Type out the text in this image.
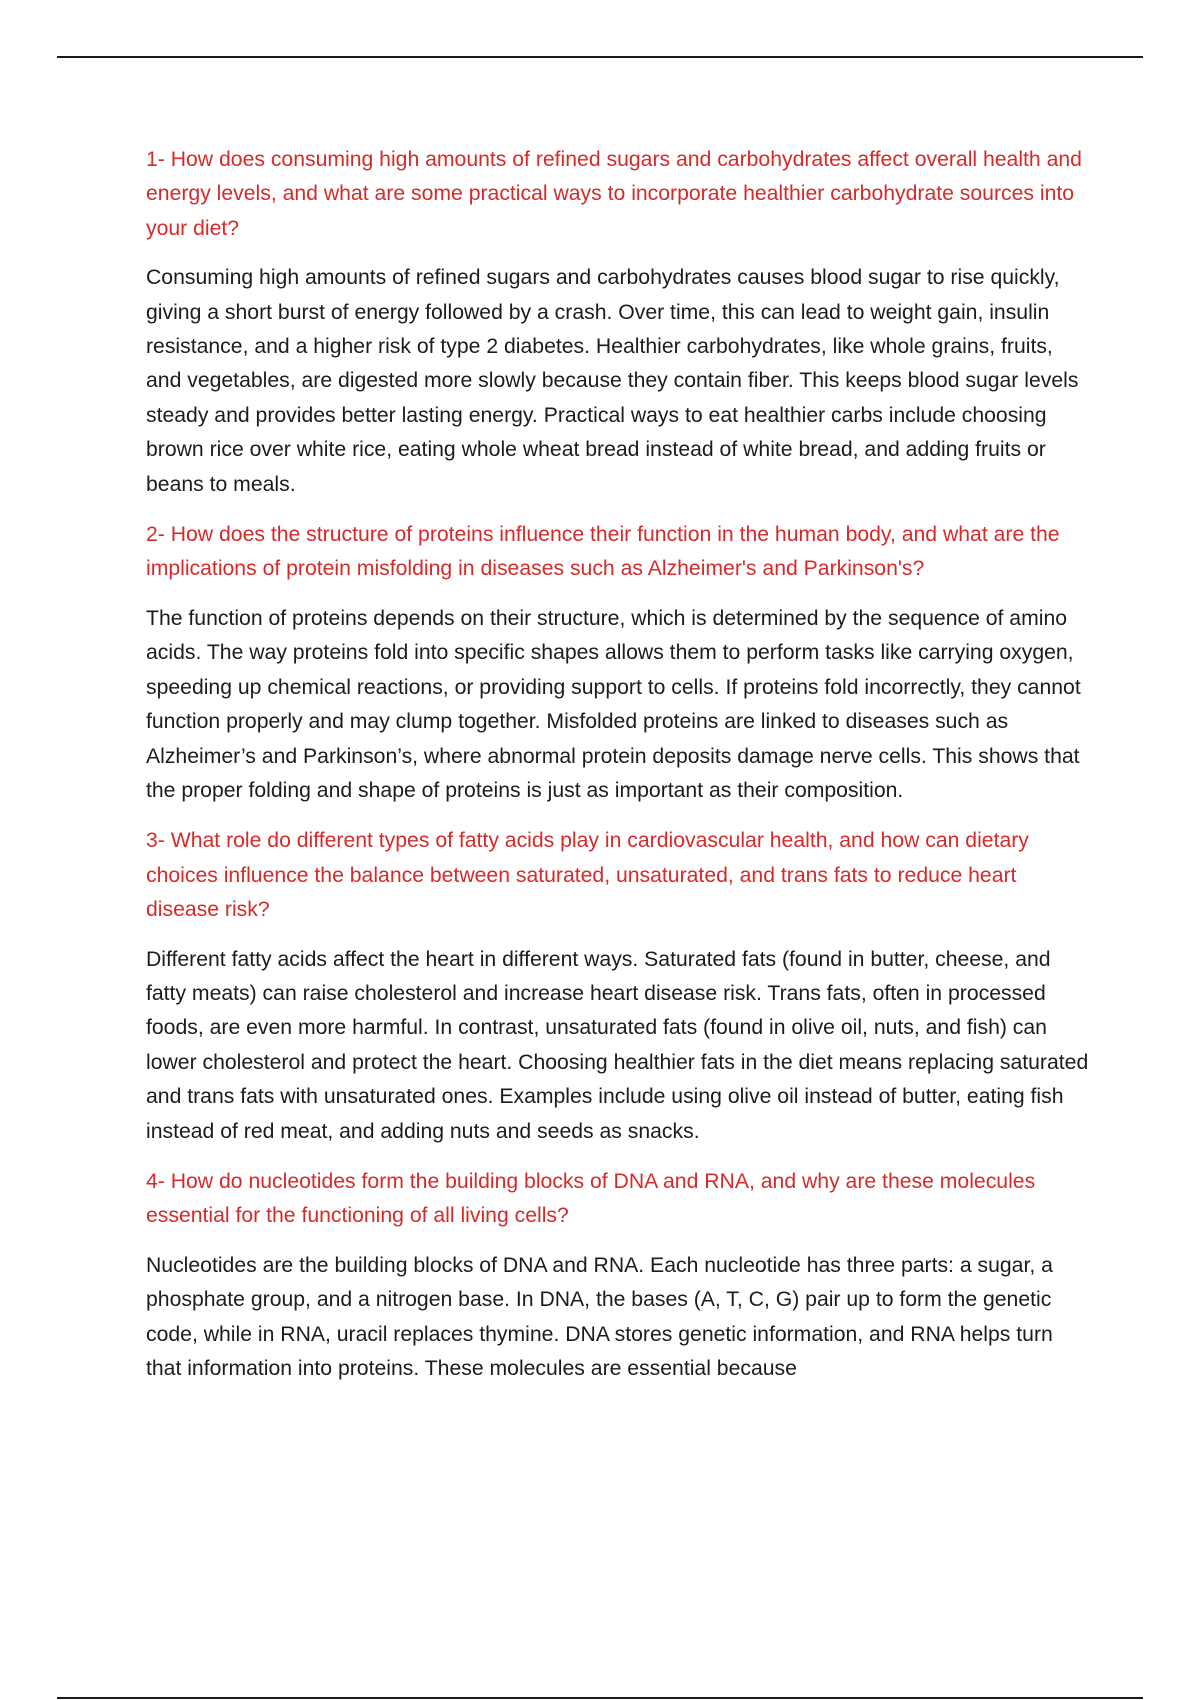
1- How does consuming high amounts of refined sugars and carbohydrates affect overall health and energy levels, and what are some practical ways to incorporate healthier carbohydrate sources into your diet?

Consuming high amounts of refined sugars and carbohydrates causes blood sugar to rise quickly, giving a short burst of energy followed by a crash. Over time, this can lead to weight gain, insulin resistance, and a higher risk of type 2 diabetes. Healthier carbohydrates, like whole grains, fruits, and vegetables, are digested more slowly because they contain fiber. This keeps blood sugar levels steady and provides better lasting energy. Practical ways to eat healthier carbs include choosing brown rice over white rice, eating whole wheat bread instead of white bread, and adding fruits or beans to meals.

2- How does the structure of proteins influence their function in the human body, and what are the implications of protein misfolding in diseases such as Alzheimer's and Parkinson's?

The function of proteins depends on their structure, which is determined by the sequence of amino acids. The way proteins fold into specific shapes allows them to perform tasks like carrying oxygen, speeding up chemical reactions, or providing support to cells. If proteins fold incorrectly, they cannot function properly and may clump together. Misfolded proteins are linked to diseases such as Alzheimer’s and Parkinson’s, where abnormal protein deposits damage nerve cells. This shows that the proper folding and shape of proteins is just as important as their composition.

3- What role do different types of fatty acids play in cardiovascular health, and how can dietary choices influence the balance between saturated, unsaturated, and trans fats to reduce heart disease risk?

Different fatty acids affect the heart in different ways. Saturated fats (found in butter, cheese, and fatty meats) can raise cholesterol and increase heart disease risk. Trans fats, often in processed foods, are even more harmful. In contrast, unsaturated fats (found in olive oil, nuts, and fish) can lower cholesterol and protect the heart. Choosing healthier fats in the diet means replacing saturated and trans fats with unsaturated ones. Examples include using olive oil instead of butter, eating fish instead of red meat, and adding nuts and seeds as snacks.

4- How do nucleotides form the building blocks of DNA and RNA, and why are these molecules essential for the functioning of all living cells?

Nucleotides are the building blocks of DNA and RNA. Each nucleotide has three parts: a sugar, a phosphate group, and a nitrogen base. In DNA, the bases (A, T, C, G) pair up to form the genetic code, while in RNA, uracil replaces thymine. DNA stores genetic information, and RNA helps turn that information into proteins. These molecules are essential because
